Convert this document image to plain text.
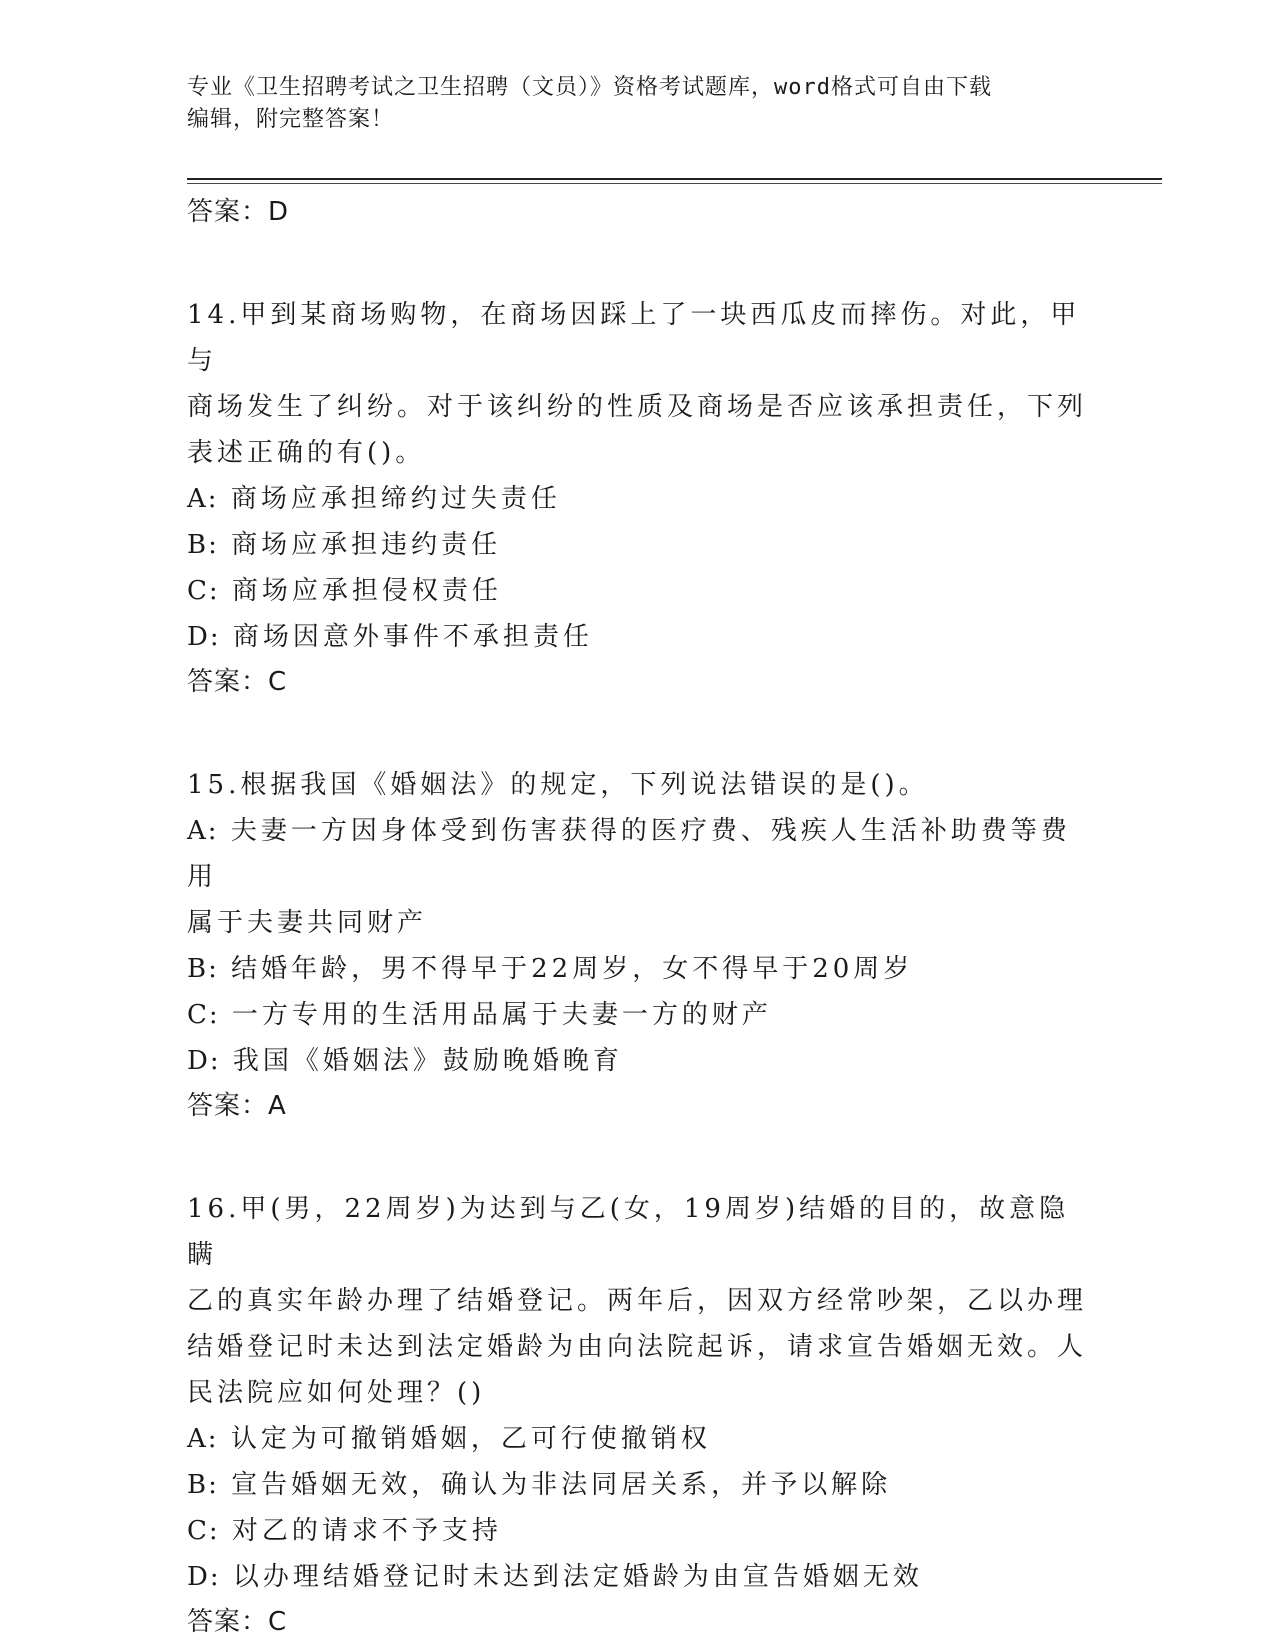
专业《卫生招聘考试之卫生招聘（文员）》资格考试题库，word格式可自由下载
编辑，附完整答案！
答案：D
14.甲到某商场购物，在商场因踩上了一块西瓜皮而摔伤。对此，甲与
商场发生了纠纷。对于该纠纷的性质及商场是否应该承担责任，下列
表述正确的有()。
A: 商场应承担缔约过失责任
B: 商场应承担违约责任
C: 商场应承担侵权责任
D: 商场因意外事件不承担责任
答案：C
15.根据我国《婚姻法》的规定，下列说法错误的是()。
A: 夫妻一方因身体受到伤害获得的医疗费、残疾人生活补助费等费用
属于夫妻共同财产
B: 结婚年龄，男不得早于22周岁，女不得早于20周岁
C: 一方专用的生活用品属于夫妻一方的财产
D: 我国《婚姻法》鼓励晚婚晚育
答案：A
16.甲(男，22周岁)为达到与乙(女，19周岁)结婚的目的，故意隐瞒
乙的真实年龄办理了结婚登记。两年后，因双方经常吵架，乙以办理
结婚登记时未达到法定婚龄为由向法院起诉，请求宣告婚姻无效。人
民法院应如何处理？()
A: 认定为可撤销婚姻，乙可行使撤销权
B: 宣告婚姻无效，确认为非法同居关系，并予以解除
C: 对乙的请求不予支持
D: 以办理结婚登记时未达到法定婚龄为由宣告婚姻无效
答案：C
